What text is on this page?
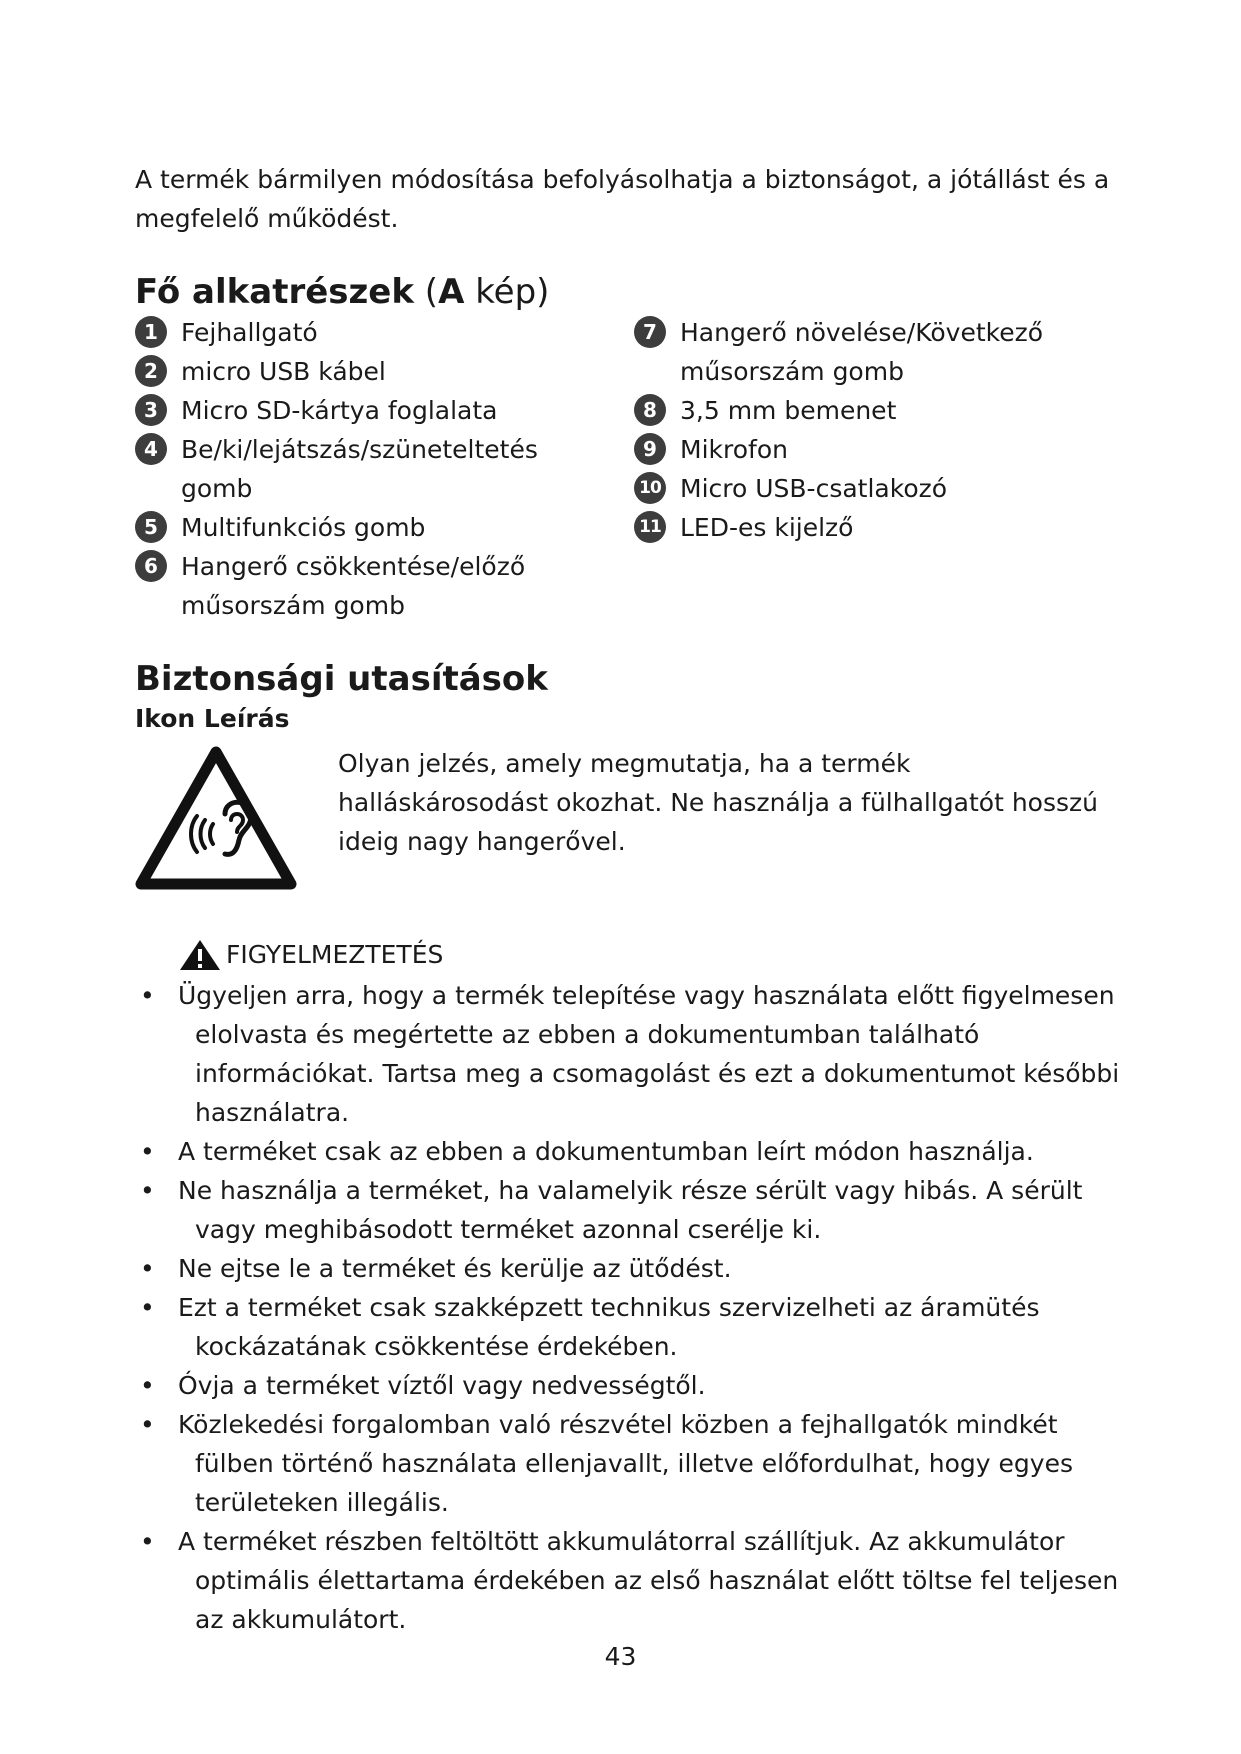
A termék bármilyen módosítása befolyásolhatja a biztonságot, a jótállást és a megfelelő működést.

Fő alkatrészek (A kép)
1 Fejhallgató
2 micro USB kábel
3 Micro SD-kártya foglalata
4 Be/ki/lejátszás/szüneteltetés gomb
5 Multifunkciós gomb
6 Hangerő csökkentése/előző műsorszám gomb
7 Hangerő növelése/Következő műsorszám gomb
8 3,5 mm bemenet
9 Mikrofon
10 Micro USB-csatlakozó
11 LED-es kijelző
Biztonsági utasítások
Ikon Leírás

Olyan jelzés, amely megmutatja, ha a termék halláskárosodást okozhat. Ne használja a fülhallgatót hosszú ideig nagy hangerővel.

FIGYELMEZTETÉS
• Ügyeljen arra, hogy a termék telepítése vagy használata előtt figyelmesen elolvasta és megértette az ebben a dokumentumban található információkat. Tartsa meg a csomagolást és ezt a dokumentumot későbbi használatra.
• A terméket csak az ebben a dokumentumban leírt módon használja.
• Ne használja a terméket, ha valamelyik része sérült vagy hibás. A sérült vagy meghibásodott terméket azonnal cserélje ki.
• Ne ejtse le a terméket és kerülje az ütődést.
• Ezt a terméket csak szakképzett technikus szervizelheti az áramütés kockázatának csökkentése érdekében.
• Óvja a terméket víztől vagy nedvességtől.
• Közlekedési forgalomban való részvétel közben a fejhallgatók mindkét fülben történő használata ellenjavallt, illetve előfordulhat, hogy egyes területeken illegális.
• A terméket részben feltöltött akkumulátorral szállítjuk. Az akkumulátor optimális élettartama érdekében az első használat előtt töltse fel teljesen az akkumulátort.
43
